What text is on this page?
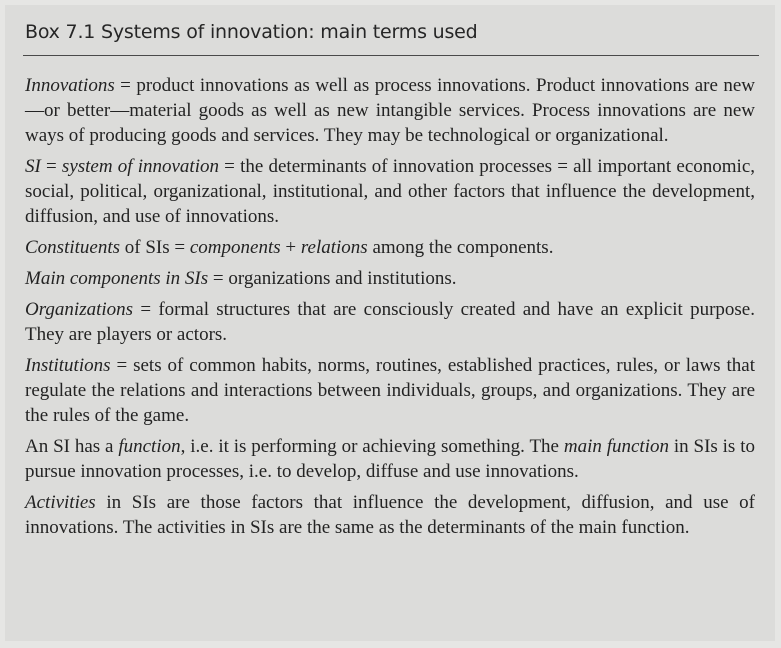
Box 7.1 Systems of innovation: main terms used

Innovations = product innovations as well as process innovations. Product innovations are new—or better—material goods as well as new intangible services. Process innovations are new ways of producing goods and services. They may be technological or organizational.

SI = system of innovation = the determinants of innovation processes = all important economic, social, political, organizational, institutional, and other factors that influence the development, diffusion, and use of innovations.

Constituents of SIs = components + relations among the components.

Main components in SIs = organizations and institutions.

Organizations = formal structures that are consciously created and have an explicit purpose. They are players or actors.

Institutions = sets of common habits, norms, routines, established practices, rules, or laws that regulate the relations and interactions between individuals, groups, and organizations. They are the rules of the game.

An SI has a function, i.e. it is performing or achieving something. The main function in SIs is to pursue innovation processes, i.e. to develop, diffuse and use innovations.

Activities in SIs are those factors that influence the development, diffusion, and use of innovations. The activities in SIs are the same as the determinants of the main function.
